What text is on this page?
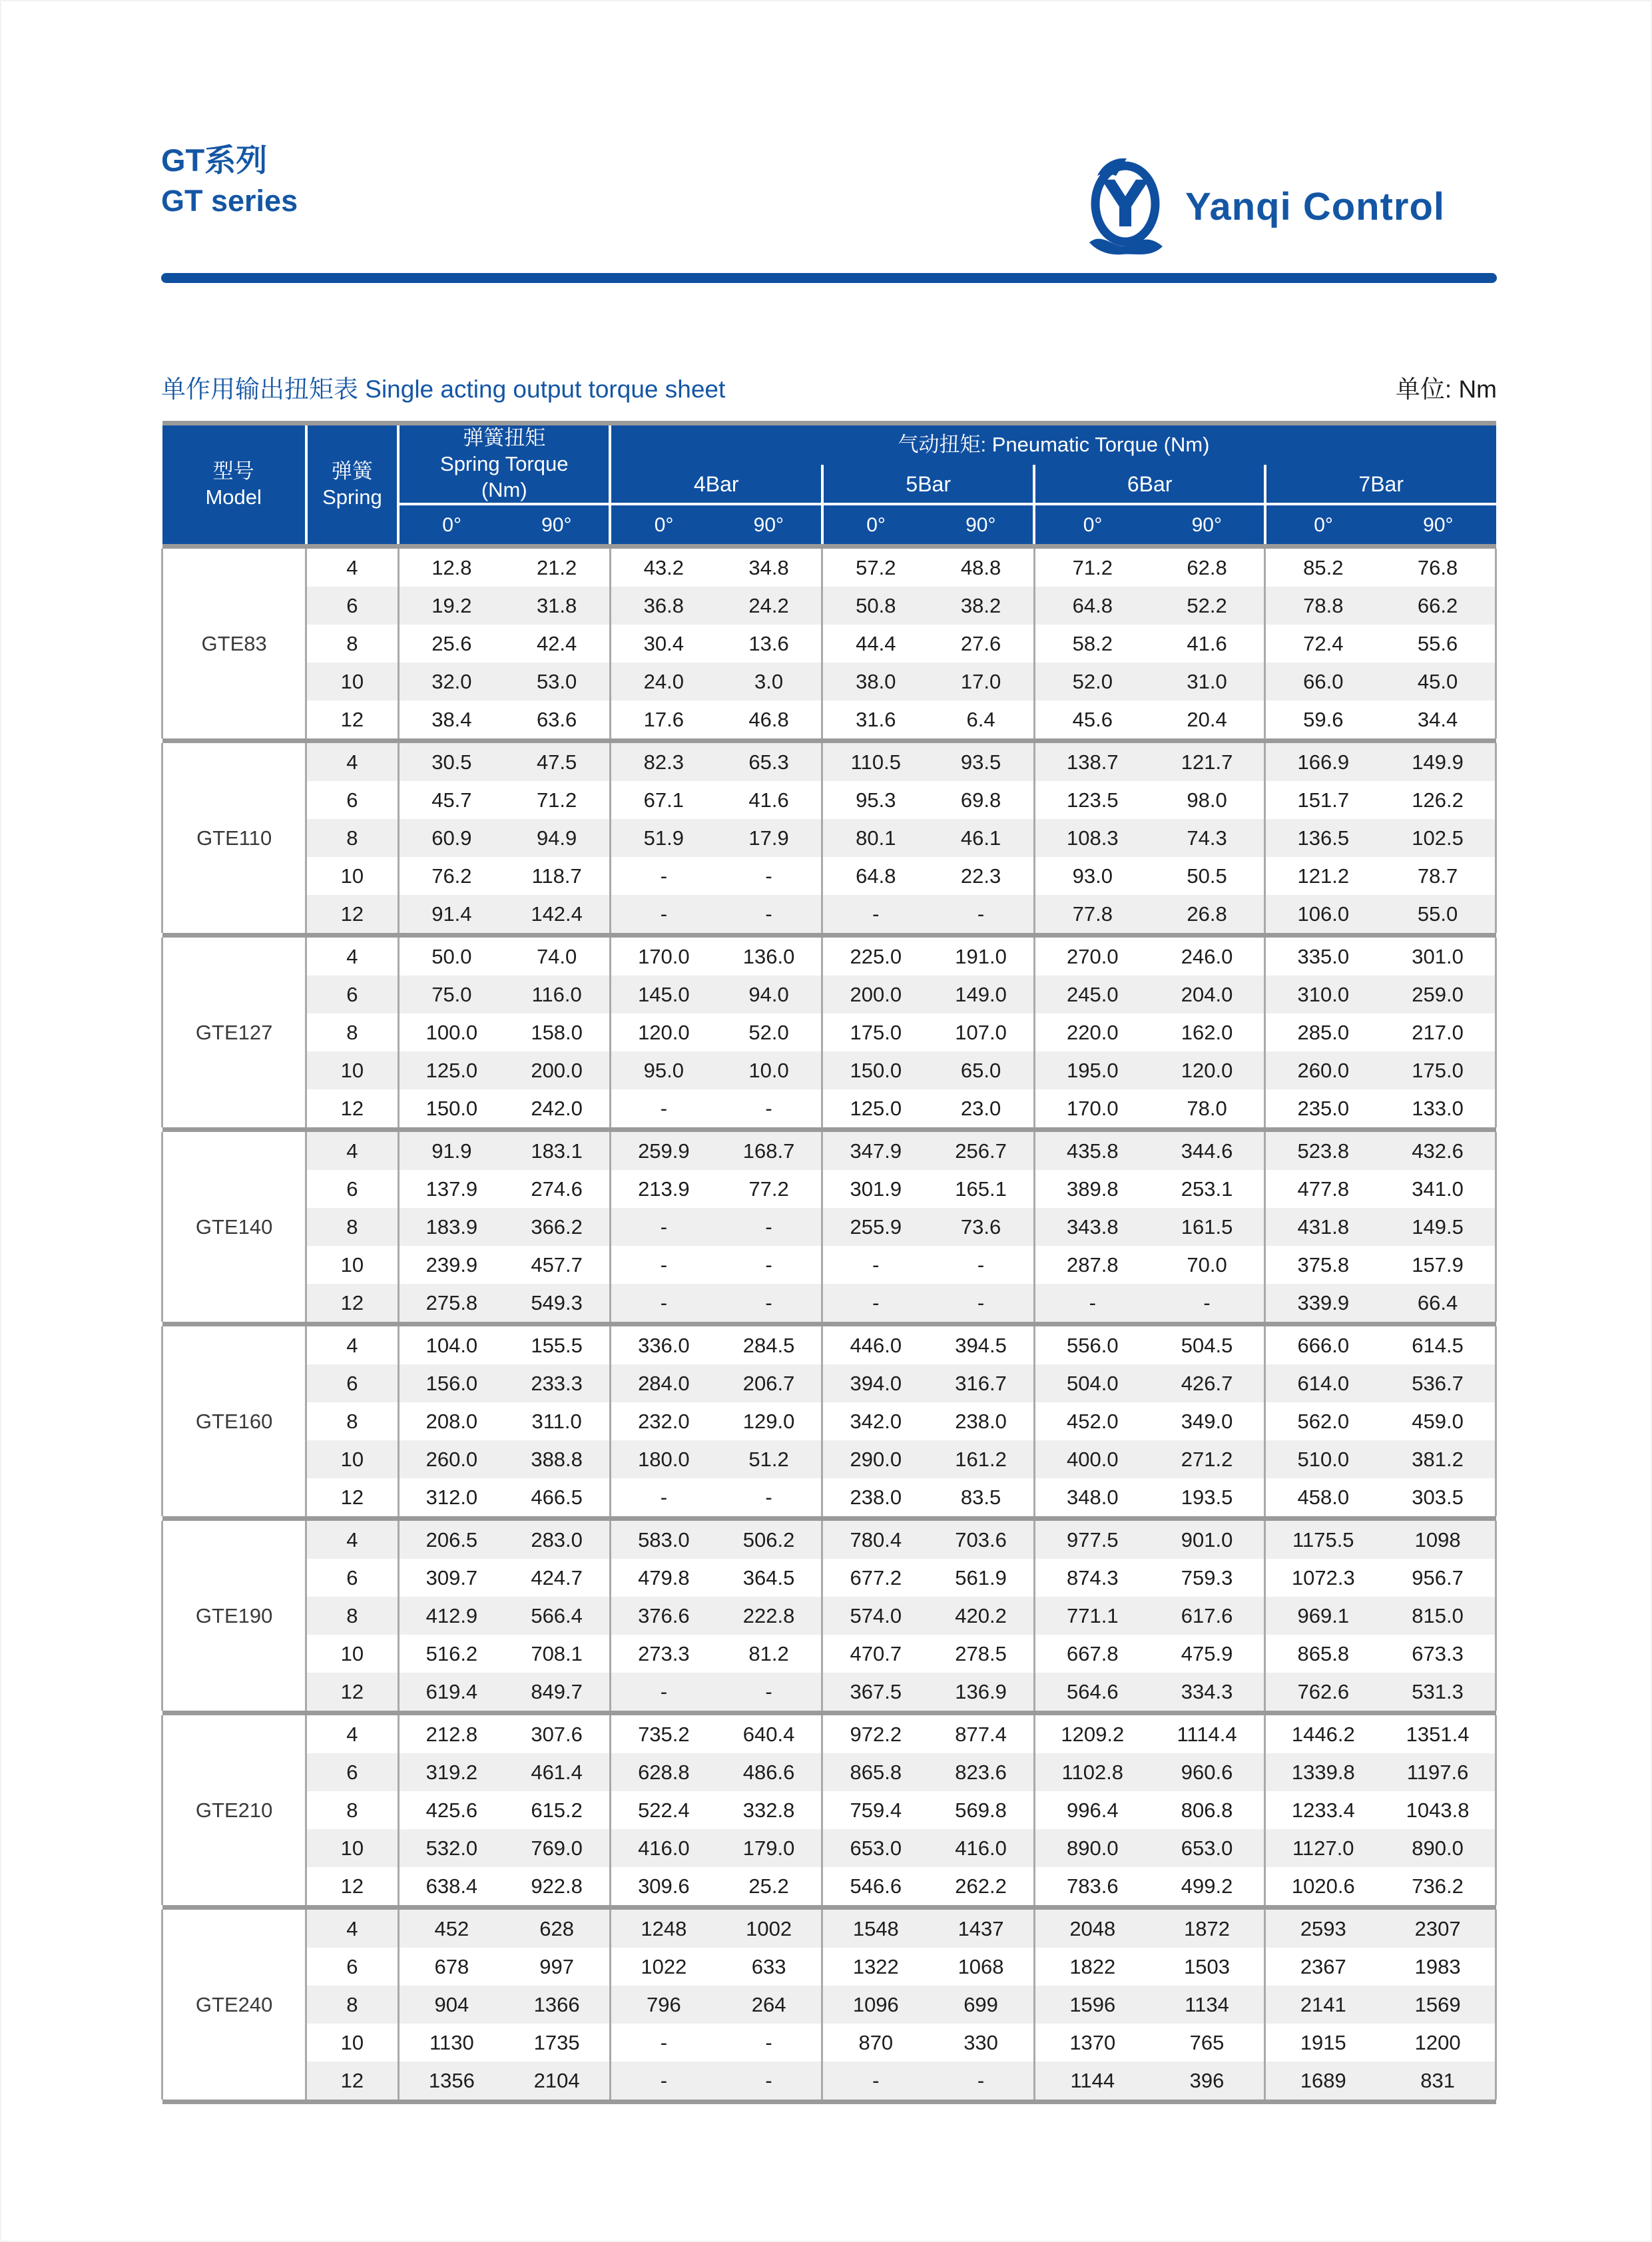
GT系列
GT series	Y Yanqi Control
单作用输出扭矩表 Single acting output torque sheet	单位: Nm

型号
Model	弹簧
Spring	弹簧扭矩
Spring Torque
(Nm)		气动扭矩: Pneumatic Torque (Nm)							
				4Bar		5Bar		6Bar		7Bar	
		0°	90°	0°	90°	0°	90°	0°	90°	0°	90°

GTE83	4	12.8	21.2	43.2	34.8	57.2	48.8	71.2	62.8	85.2	76.8
	6	19.2	31.8	36.8	24.2	50.8	38.2	64.8	52.2	78.8	66.2
	8	25.6	42.4	30.4	13.6	44.4	27.6	58.2	41.6	72.4	55.6
	10	32.0	53.0	24.0	3.0	38.0	17.0	52.0	31.0	66.0	45.0
	12	38.4	63.6	17.6	46.8	31.6	6.4	45.6	20.4	59.6	34.4

GTE110	4	30.5	47.5	82.3	65.3	110.5	93.5	138.7	121.7	166.9	149.9
	6	45.7	71.2	67.1	41.6	95.3	69.8	123.5	98.0	151.7	126.2
	8	60.9	94.9	51.9	17.9	80.1	46.1	108.3	74.3	136.5	102.5
	10	76.2	118.7	-	-	64.8	22.3	93.0	50.5	121.2	78.7
	12	91.4	142.4	-	-	-	-	77.8	26.8	106.0	55.0

GTE127	4	50.0	74.0	170.0	136.0	225.0	191.0	270.0	246.0	335.0	301.0
	6	75.0	116.0	145.0	94.0	200.0	149.0	245.0	204.0	310.0	259.0
	8	100.0	158.0	120.0	52.0	175.0	107.0	220.0	162.0	285.0	217.0
	10	125.0	200.0	95.0	10.0	150.0	65.0	195.0	120.0	260.0	175.0
	12	150.0	242.0	-	-	125.0	23.0	170.0	78.0	235.0	133.0

GTE140	4	91.9	183.1	259.9	168.7	347.9	256.7	435.8	344.6	523.8	432.6
	6	137.9	274.6	213.9	77.2	301.9	165.1	389.8	253.1	477.8	341.0
	8	183.9	366.2	-	-	255.9	73.6	343.8	161.5	431.8	149.5
	10	239.9	457.7	-	-	-	-	287.8	70.0	375.8	157.9
	12	275.8	549.3	-	-	-	-	-	-	339.9	66.4

GTE160	4	104.0	155.5	336.0	284.5	446.0	394.5	556.0	504.5	666.0	614.5
	6	156.0	233.3	284.0	206.7	394.0	316.7	504.0	426.7	614.0	536.7
	8	208.0	311.0	232.0	129.0	342.0	238.0	452.0	349.0	562.0	459.0
	10	260.0	388.8	180.0	51.2	290.0	161.2	400.0	271.2	510.0	381.2
	12	312.0	466.5	-	-	238.0	83.5	348.0	193.5	458.0	303.5

GTE190	4	206.5	283.0	583.0	506.2	780.4	703.6	977.5	901.0	1175.5	1098
	6	309.7	424.7	479.8	364.5	677.2	561.9	874.3	759.3	1072.3	956.7
	8	412.9	566.4	376.6	222.8	574.0	420.2	771.1	617.6	969.1	815.0
	10	516.2	708.1	273.3	81.2	470.7	278.5	667.8	475.9	865.8	673.3
	12	619.4	849.7	-	-	367.5	136.9	564.6	334.3	762.6	531.3

GTE210	4	212.8	307.6	735.2	640.4	972.2	877.4	1209.2	1114.4	1446.2	1351.4
	6	319.2	461.4	628.8	486.6	865.8	823.6	1102.8	960.6	1339.8	1197.6
	8	425.6	615.2	522.4	332.8	759.4	569.8	996.4	806.8	1233.4	1043.8
	10	532.0	769.0	416.0	179.0	653.0	416.0	890.0	653.0	1127.0	890.0
	12	638.4	922.8	309.6	25.2	546.6	262.2	783.6	499.2	1020.6	736.2

GTE240	4	452	628	1248	1002	1548	1437	2048	1872	2593	2307
	6	678	997	1022	633	1322	1068	1822	1503	2367	1983
	8	904	1366	796	264	1096	699	1596	1134	2141	1569
	10	1130	1735	-	-	870	330	1370	765	1915	1200
	12	1356	2104	-	-	-	-	1144	396	1689	831
